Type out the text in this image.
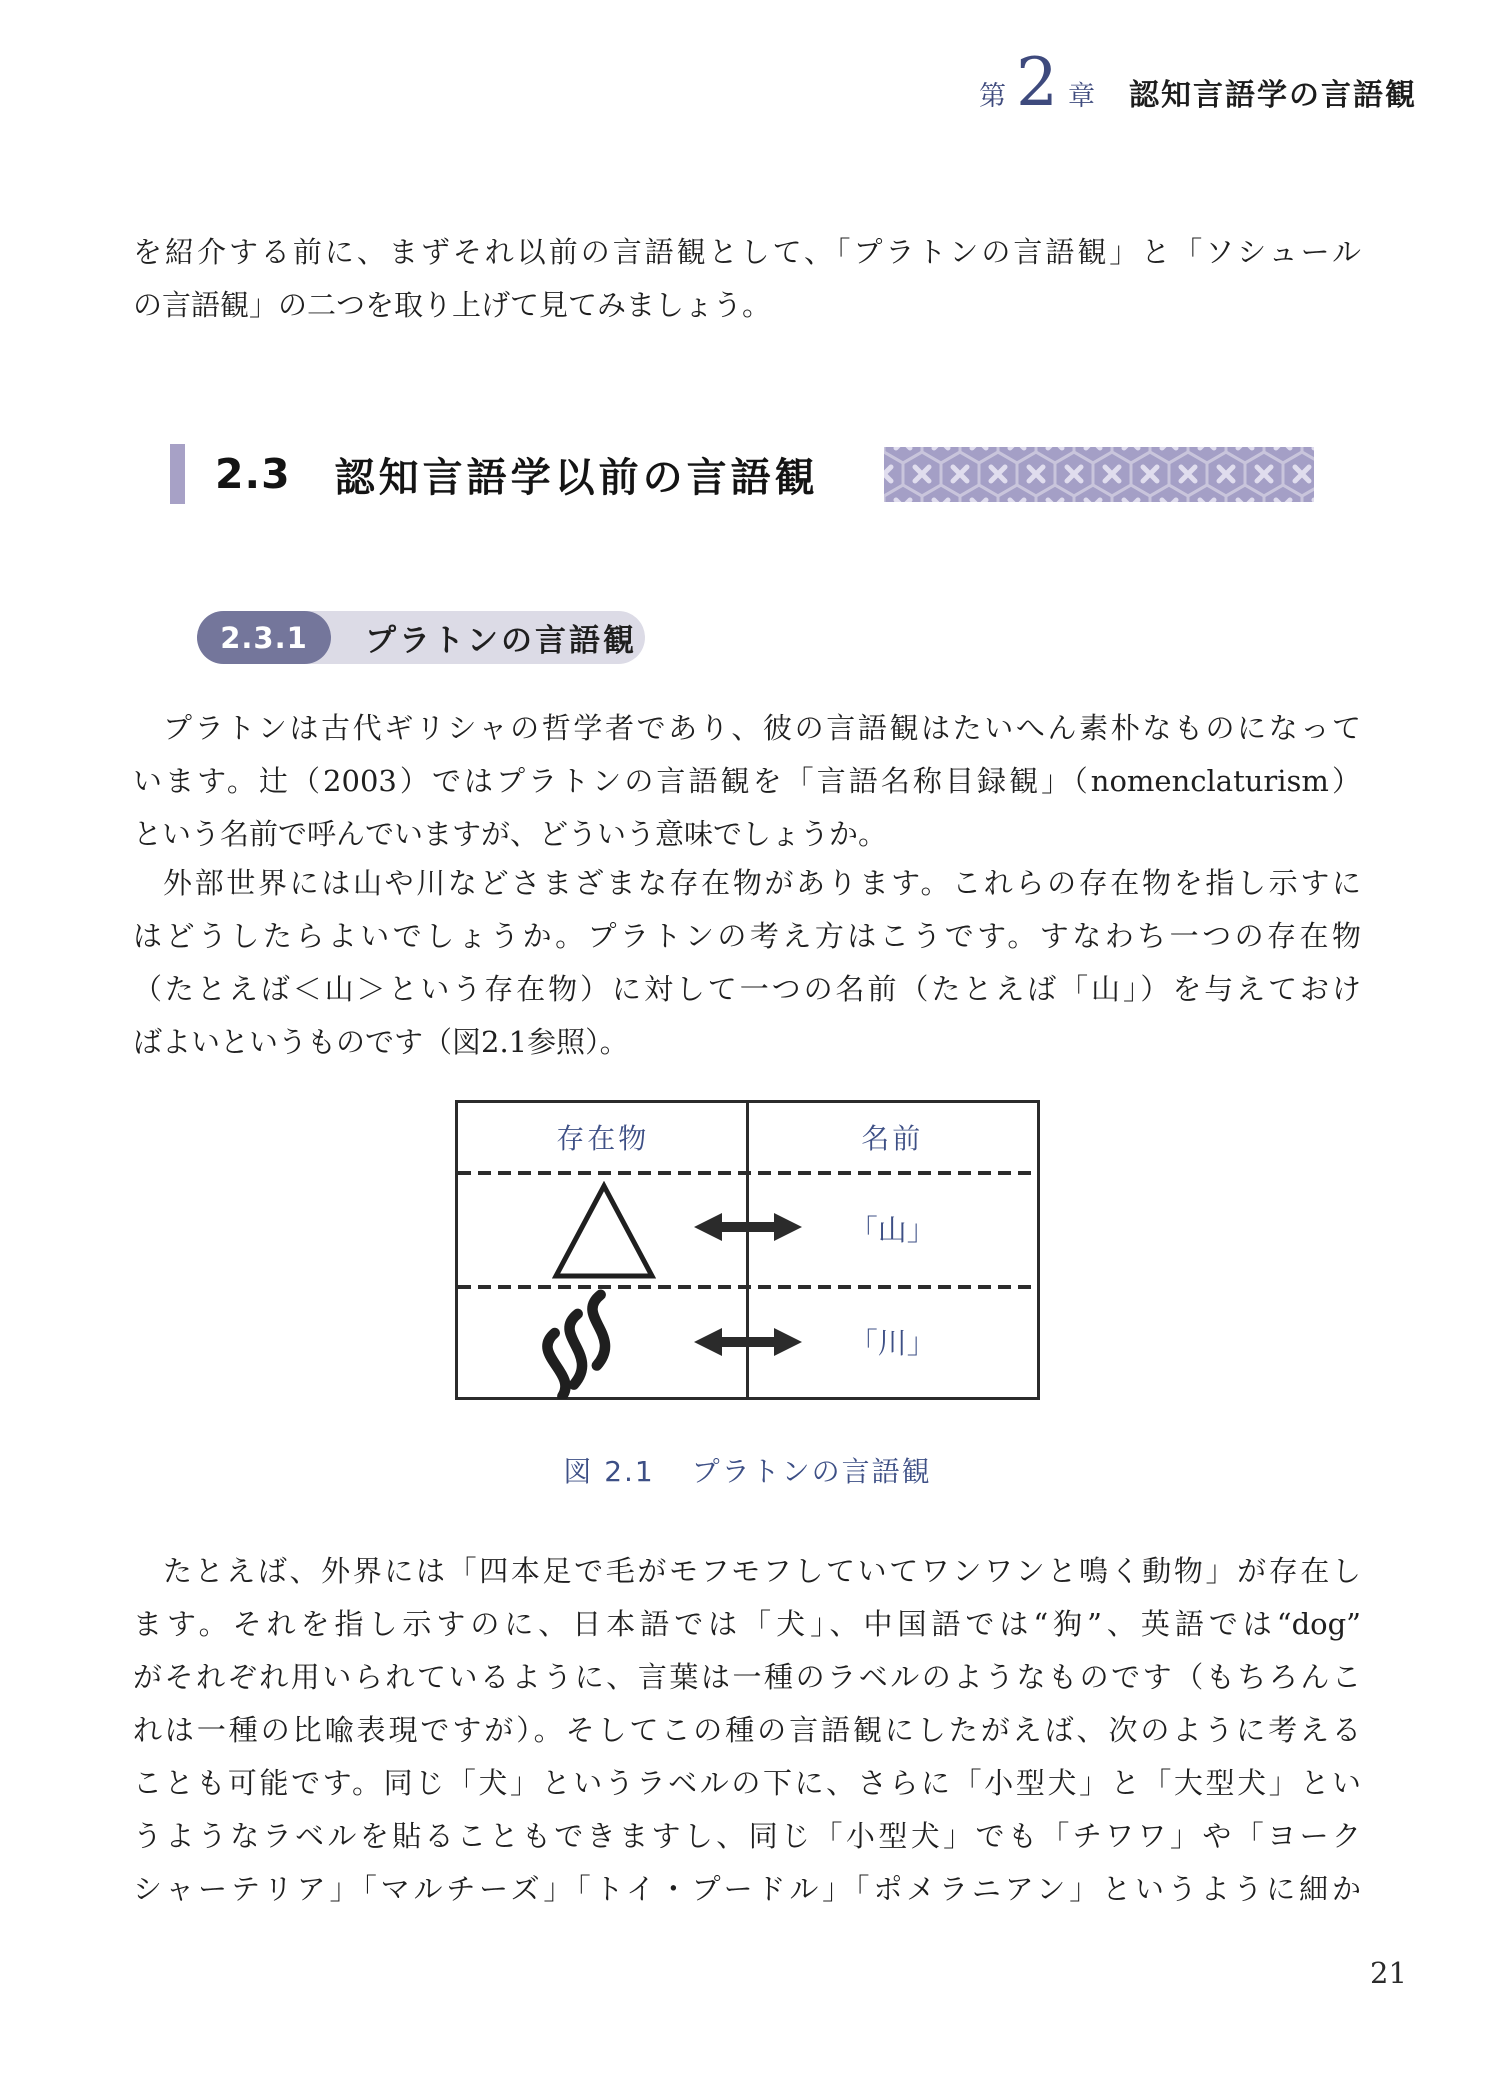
第 2 章 認知言語学の言語観
を紹介する前に、まずそれ以前の言語観として、「プラトンの言語観」と「ソシュール
の言語観」の二つを取り上げて見てみましょう。
2.3 認知言語学以前の言語観
2.3.1 プラトンの言語観
プラトンは古代ギリシャの哲学者であり、彼の言語観はたいへん素朴なものになって
います。辻（2003）ではプラトンの言語観を「言語名称目録観」（nomenclaturism）
という名前で呼んでいますが、どういう意味でしょうか。
外部世界には山や川などさまざまな存在物があります。これらの存在物を指し示すに
はどうしたらよいでしょうか。プラトンの考え方はこうです。すなわち一つの存在物
（たとえば＜山＞という存在物）に対して一つの名前（たとえば「山」）を与えておけ
ばよいというものです（図2.1参照）。
存在物	名前
「山」
「川」
図 2.1 プラトンの言語観
たとえば、外界には「四本足で毛がモフモフしていてワンワンと鳴く動物」が存在し
ます。それを指し示すのに、日本語では「犬」、中国語では“狗”、英語では“dog”
がそれぞれ用いられているように、言葉は一種のラベルのようなものです（もちろんこ
れは一種の比喩表現ですが）。そしてこの種の言語観にしたがえば、次のように考える
ことも可能です。同じ「犬」というラベルの下に、さらに「小型犬」と「大型犬」とい
うようなラベルを貼ることもできますし、同じ「小型犬」でも「チワワ」や「ヨーク
シャーテリア」「マルチーズ」「トイ・プードル」「ポメラニアン」というように細か
21
